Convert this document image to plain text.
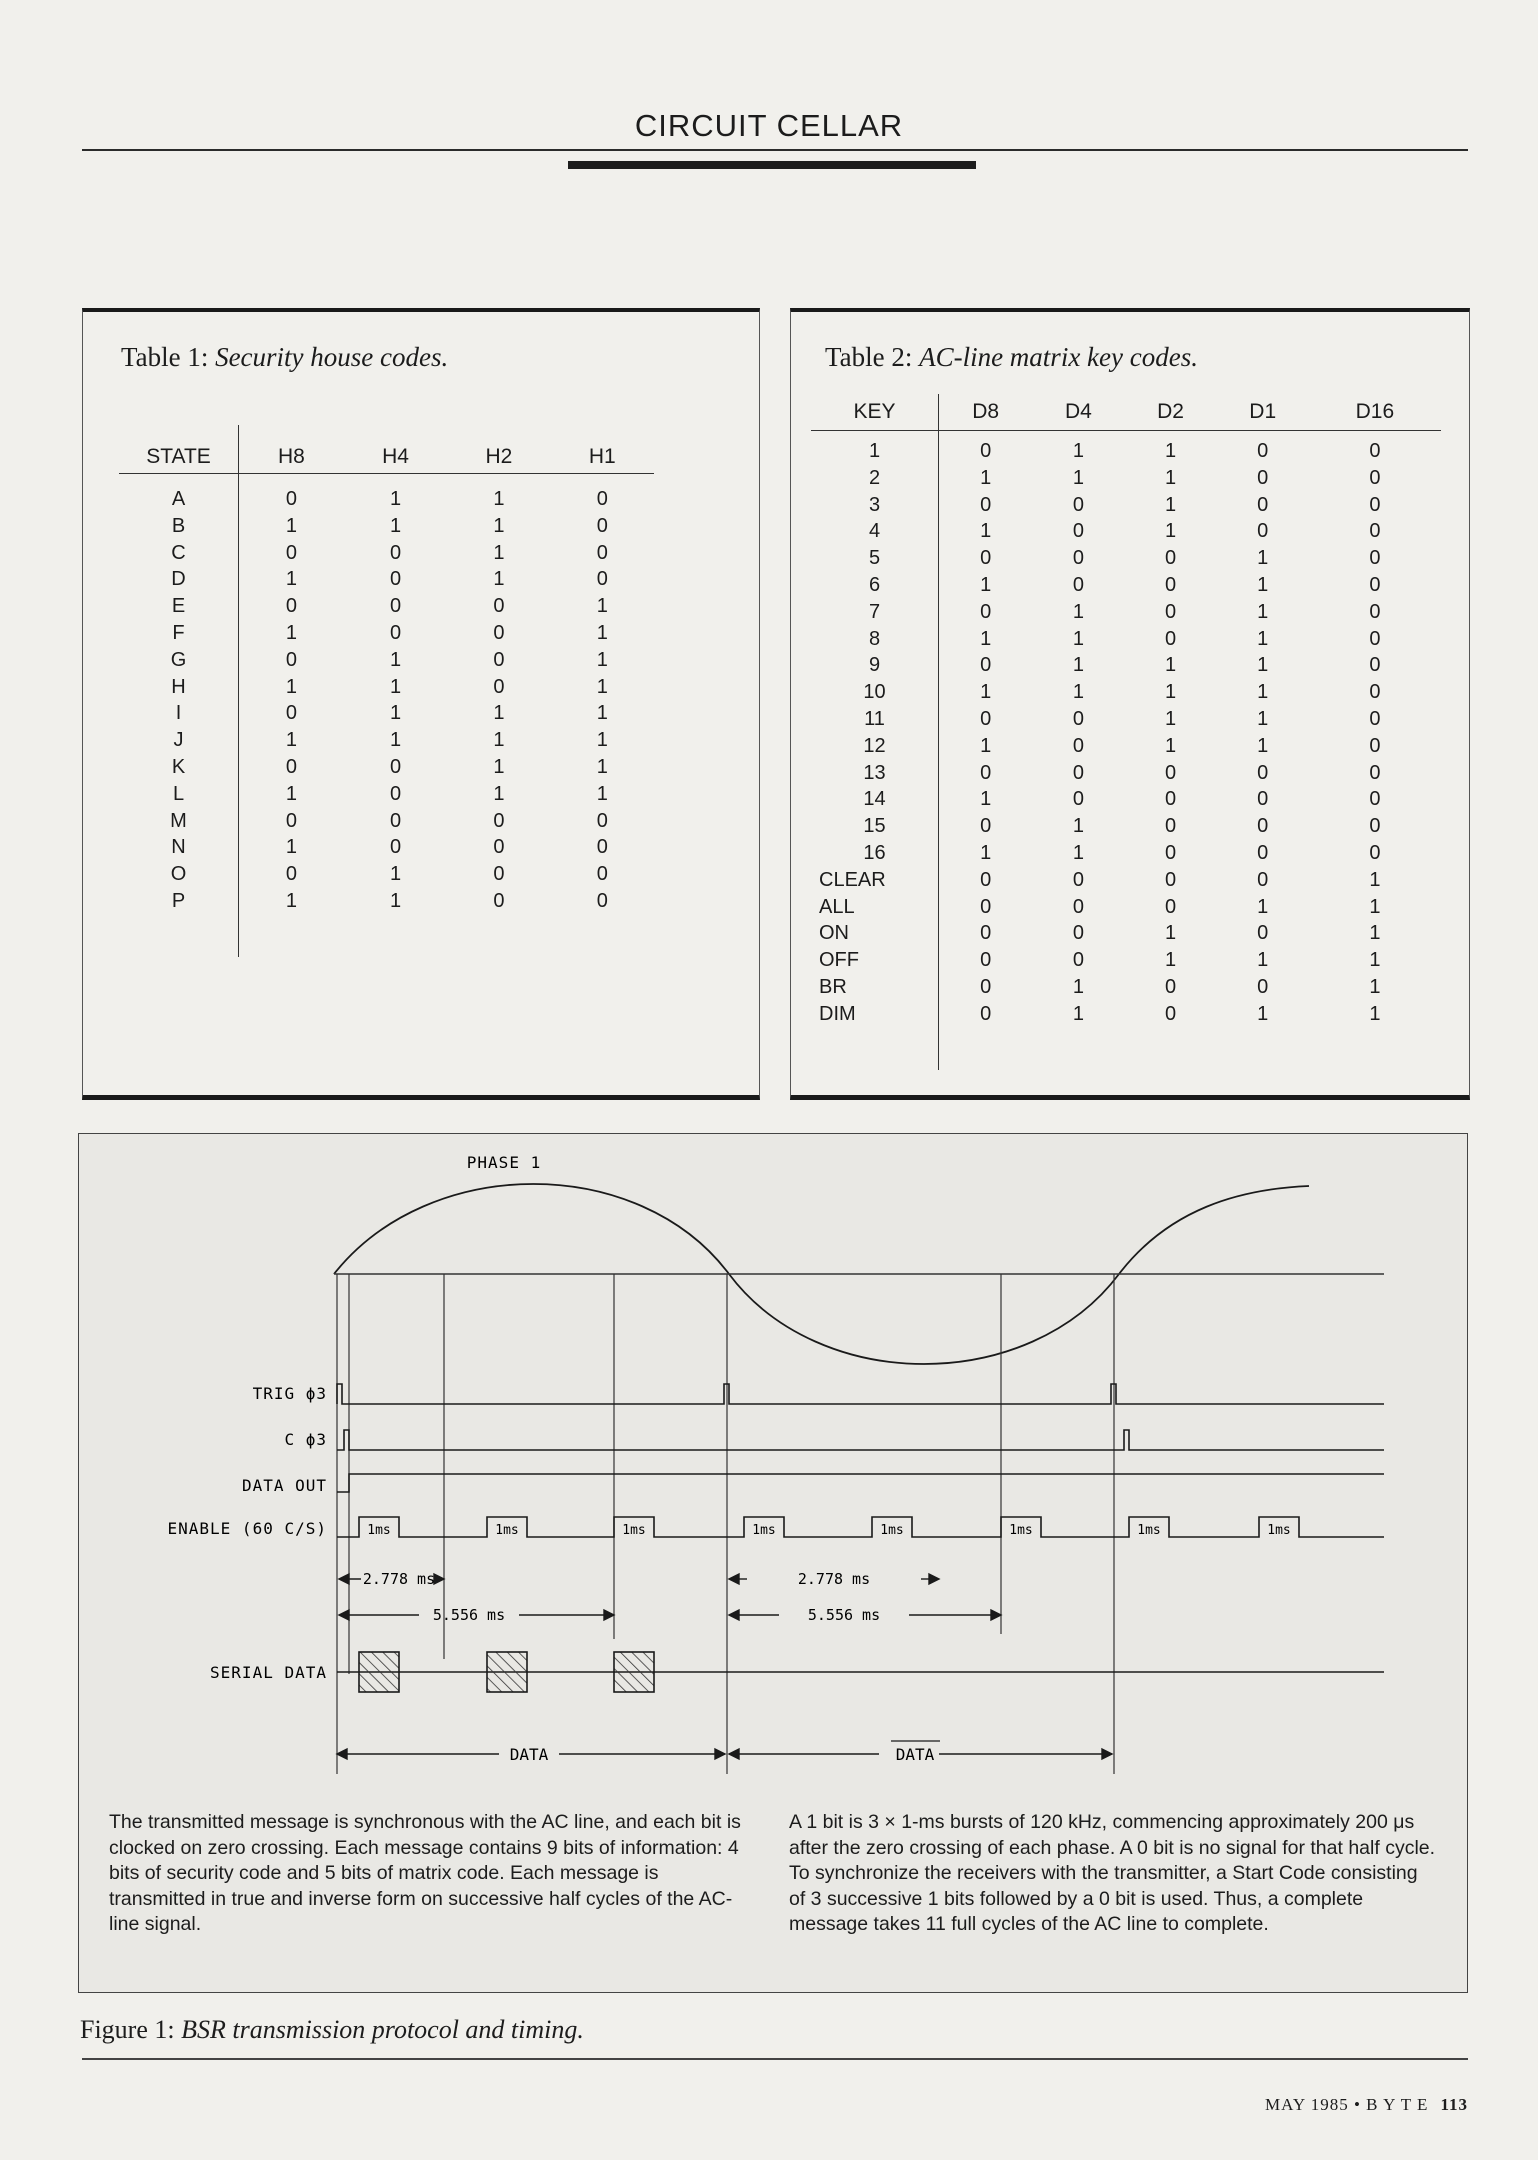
CIRCUIT CELLAR
Table 1: Security house codes.
STATE	H8	H4	H2	H1
A	0	1	1	0
B	1	1	1	0
C	0	0	1	0
D	1	0	1	0
E	0	0	0	1
F	1	0	0	1
G	0	1	0	1
H	1	1	0	1
I	0	1	1	1
J	1	1	1	1
K	0	0	1	1
L	1	0	1	1
M	0	0	0	0
N	1	0	0	0
O	0	1	0	0
P	1	1	0	0

Table 2: AC-line matrix key codes.
KEY	D8	D4	D2	D1	D16
1	0	1	1	0	0
2	1	1	1	0	0
3	0	0	1	0	0
4	1	0	1	0	0
5	0	0	0	1	0
6	1	0	0	1	0
7	0	1	0	1	0
8	1	1	0	1	0
9	0	1	1	1	0
10	1	1	1	1	0
11	0	0	1	1	0
12	1	0	1	1	0
13	0	0	0	0	0
14	1	0	0	0	0
15	0	1	0	0	0
16	1	1	0	0	0
CLEAR	0	0	0	0	1
ALL	0	0	0	1	1
ON	0	0	1	0	1
OFF	0	0	1	1	1
BR	0	1	0	0	1
DIM	0	1	0	1	1

PHASE 1
TRIG ϕ3
C ϕ3
DATA OUT
ENABLE (60 C/S)
SERIAL DATA
1ms	1ms	1ms	1ms	1ms	1ms	1ms	1ms
2.778 ms
5.556 ms
2.778 ms
5.556 ms
DATA	DATA
The transmitted message is synchronous with the AC line, and each bit is clocked on zero crossing. Each message contains 9 bits of information: 4 bits of security code and 5 bits of matrix code. Each message is transmitted in true and inverse form on successive half cycles of the AC-line signal.
A 1 bit is 3 × 1-ms bursts of 120 kHz, commencing approximately 200 μs after the zero crossing of each phase. A 0 bit is no signal for that half cycle. To synchronize the receivers with the transmitter, a Start Code consisting of 3 successive 1 bits followed by a 0 bit is used. Thus, a complete message takes 11 full cycles of the AC line to complete.
Figure 1: BSR transmission protocol and timing.
MAY 1985 • B Y T E 113
